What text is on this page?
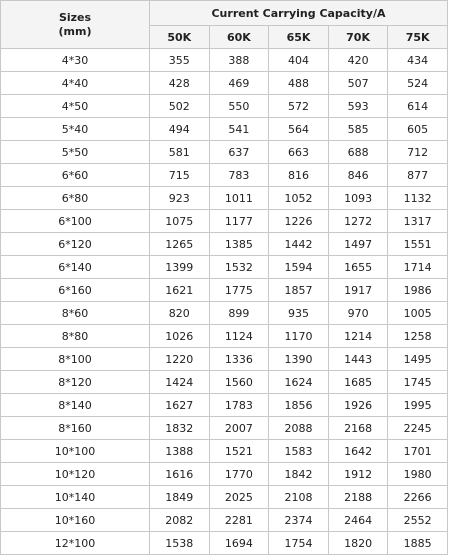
Sizes
(mm)	Current Carrying Capacity/A				
	50K	60K	65K	70K	75K
4*30	355	388	404	420	434
4*40	428	469	488	507	524
4*50	502	550	572	593	614
5*40	494	541	564	585	605
5*50	581	637	663	688	712
6*60	715	783	816	846	877
6*80	923	1011	1052	1093	1132
6*100	1075	1177	1226	1272	1317
6*120	1265	1385	1442	1497	1551
6*140	1399	1532	1594	1655	1714
6*160	1621	1775	1857	1917	1986
8*60	820	899	935	970	1005
8*80	1026	1124	1170	1214	1258
8*100	1220	1336	1390	1443	1495
8*120	1424	1560	1624	1685	1745
8*140	1627	1783	1856	1926	1995
8*160	1832	2007	2088	2168	2245
10*100	1388	1521	1583	1642	1701
10*120	1616	1770	1842	1912	1980
10*140	1849	2025	2108	2188	2266
10*160	2082	2281	2374	2464	2552
12*100	1538	1694	1754	1820	1885
